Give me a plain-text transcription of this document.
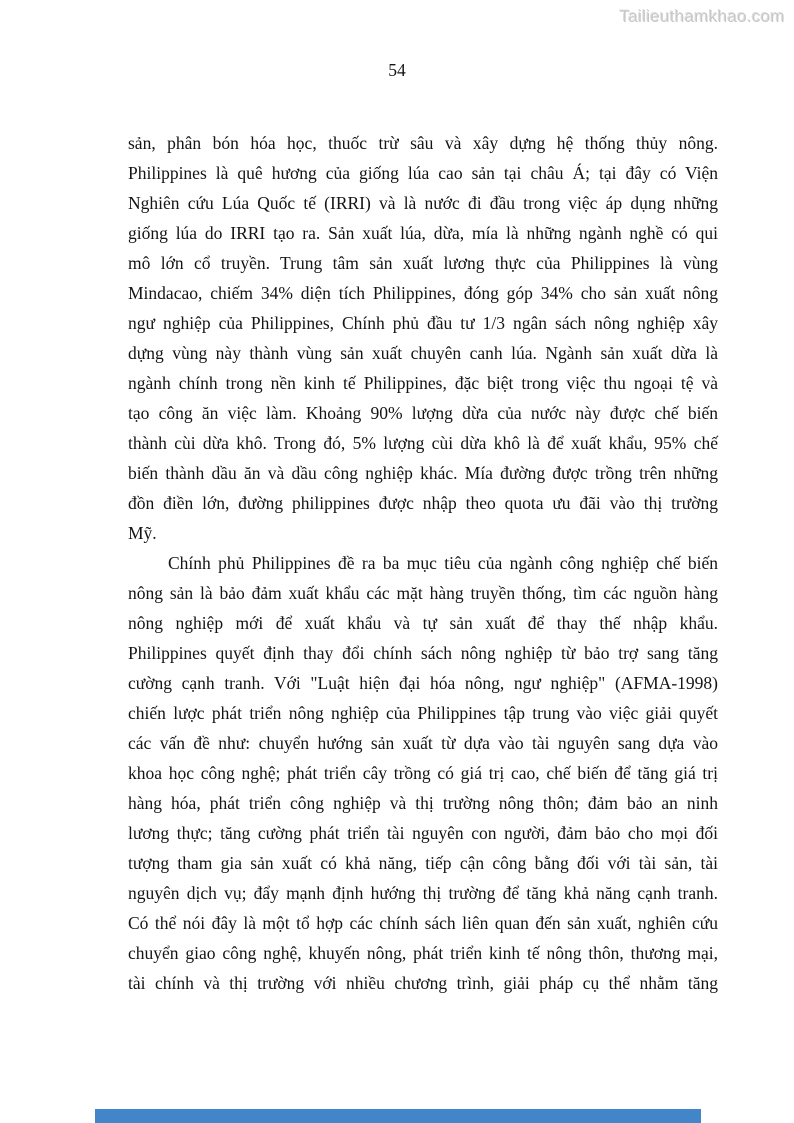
Tailieuthamkhao.com
54
sản, phân bón hóa học, thuốc trừ sâu và xây dựng hệ thống thủy nông.
Philippines là quê hương của giống lúa cao sản tại châu Á; tại đây có Viện
Nghiên cứu Lúa Quốc tế (IRRI) và là nước đi đầu trong việc áp dụng những
giống lúa do IRRI tạo ra. Sản xuất lúa, dừa, mía là những ngành nghề có qui
mô lớn cổ truyền. Trung tâm sản xuất lương thực của Philippines là vùng
Mindacao, chiếm 34% diện tích Philippines, đóng góp 34% cho sản xuất nông
ngư nghiệp của Philippines, Chính phủ đầu tư 1/3 ngân sách nông nghiệp xây
dựng vùng này thành vùng sản xuất chuyên canh lúa. Ngành sản xuất dừa là
ngành chính trong nền kinh tế Philippines, đặc biệt trong việc thu ngoại tệ và
tạo công ăn việc làm. Khoảng 90% lượng dừa của nước này được chế biến
thành cùi dừa khô. Trong đó, 5% lượng cùi dừa khô là để xuất khẩu, 95% chế
biến thành dầu ăn và dầu công nghiệp khác. Mía đường được trồng trên những
đồn điền lớn, đường philippines được nhập theo quota ưu đãi vào thị trường
Mỹ.
Chính phủ Philippines đề ra ba mục tiêu của ngành công nghiệp chế biến
nông sản là bảo đảm xuất khẩu các mặt hàng truyền thống, tìm các nguồn hàng
nông nghiệp mới để xuất khẩu và tự sản xuất để thay thế nhập khẩu.
Philippines quyết định thay đổi chính sách nông nghiệp từ bảo trợ sang tăng
cường cạnh tranh. Với "Luật hiện đại hóa nông, ngư nghiệp" (AFMA-1998)
chiến lược phát triển nông nghiệp của Philippines tập trung vào việc giải quyết
các vấn đề như: chuyển hướng sản xuất từ dựa vào tài nguyên sang dựa vào
khoa học công nghệ; phát triển cây trồng có giá trị cao, chế biến để tăng giá trị
hàng hóa, phát triển công nghiệp và thị trường nông thôn; đảm bảo an ninh
lương thực; tăng cường phát triển tài nguyên con người, đảm bảo cho mọi đối
tượng tham gia sản xuất có khả năng, tiếp cận công bằng đối với tài sản, tài
nguyên dịch vụ; đẩy mạnh định hướng thị trường để tăng khả năng cạnh tranh.
Có thể nói đây là một tổ hợp các chính sách liên quan đến sản xuất, nghiên cứu
chuyển giao công nghệ, khuyến nông, phát triển kinh tế nông thôn, thương mại,
tài chính và thị trường với nhiều chương trình, giải pháp cụ thể nhằm tăng
